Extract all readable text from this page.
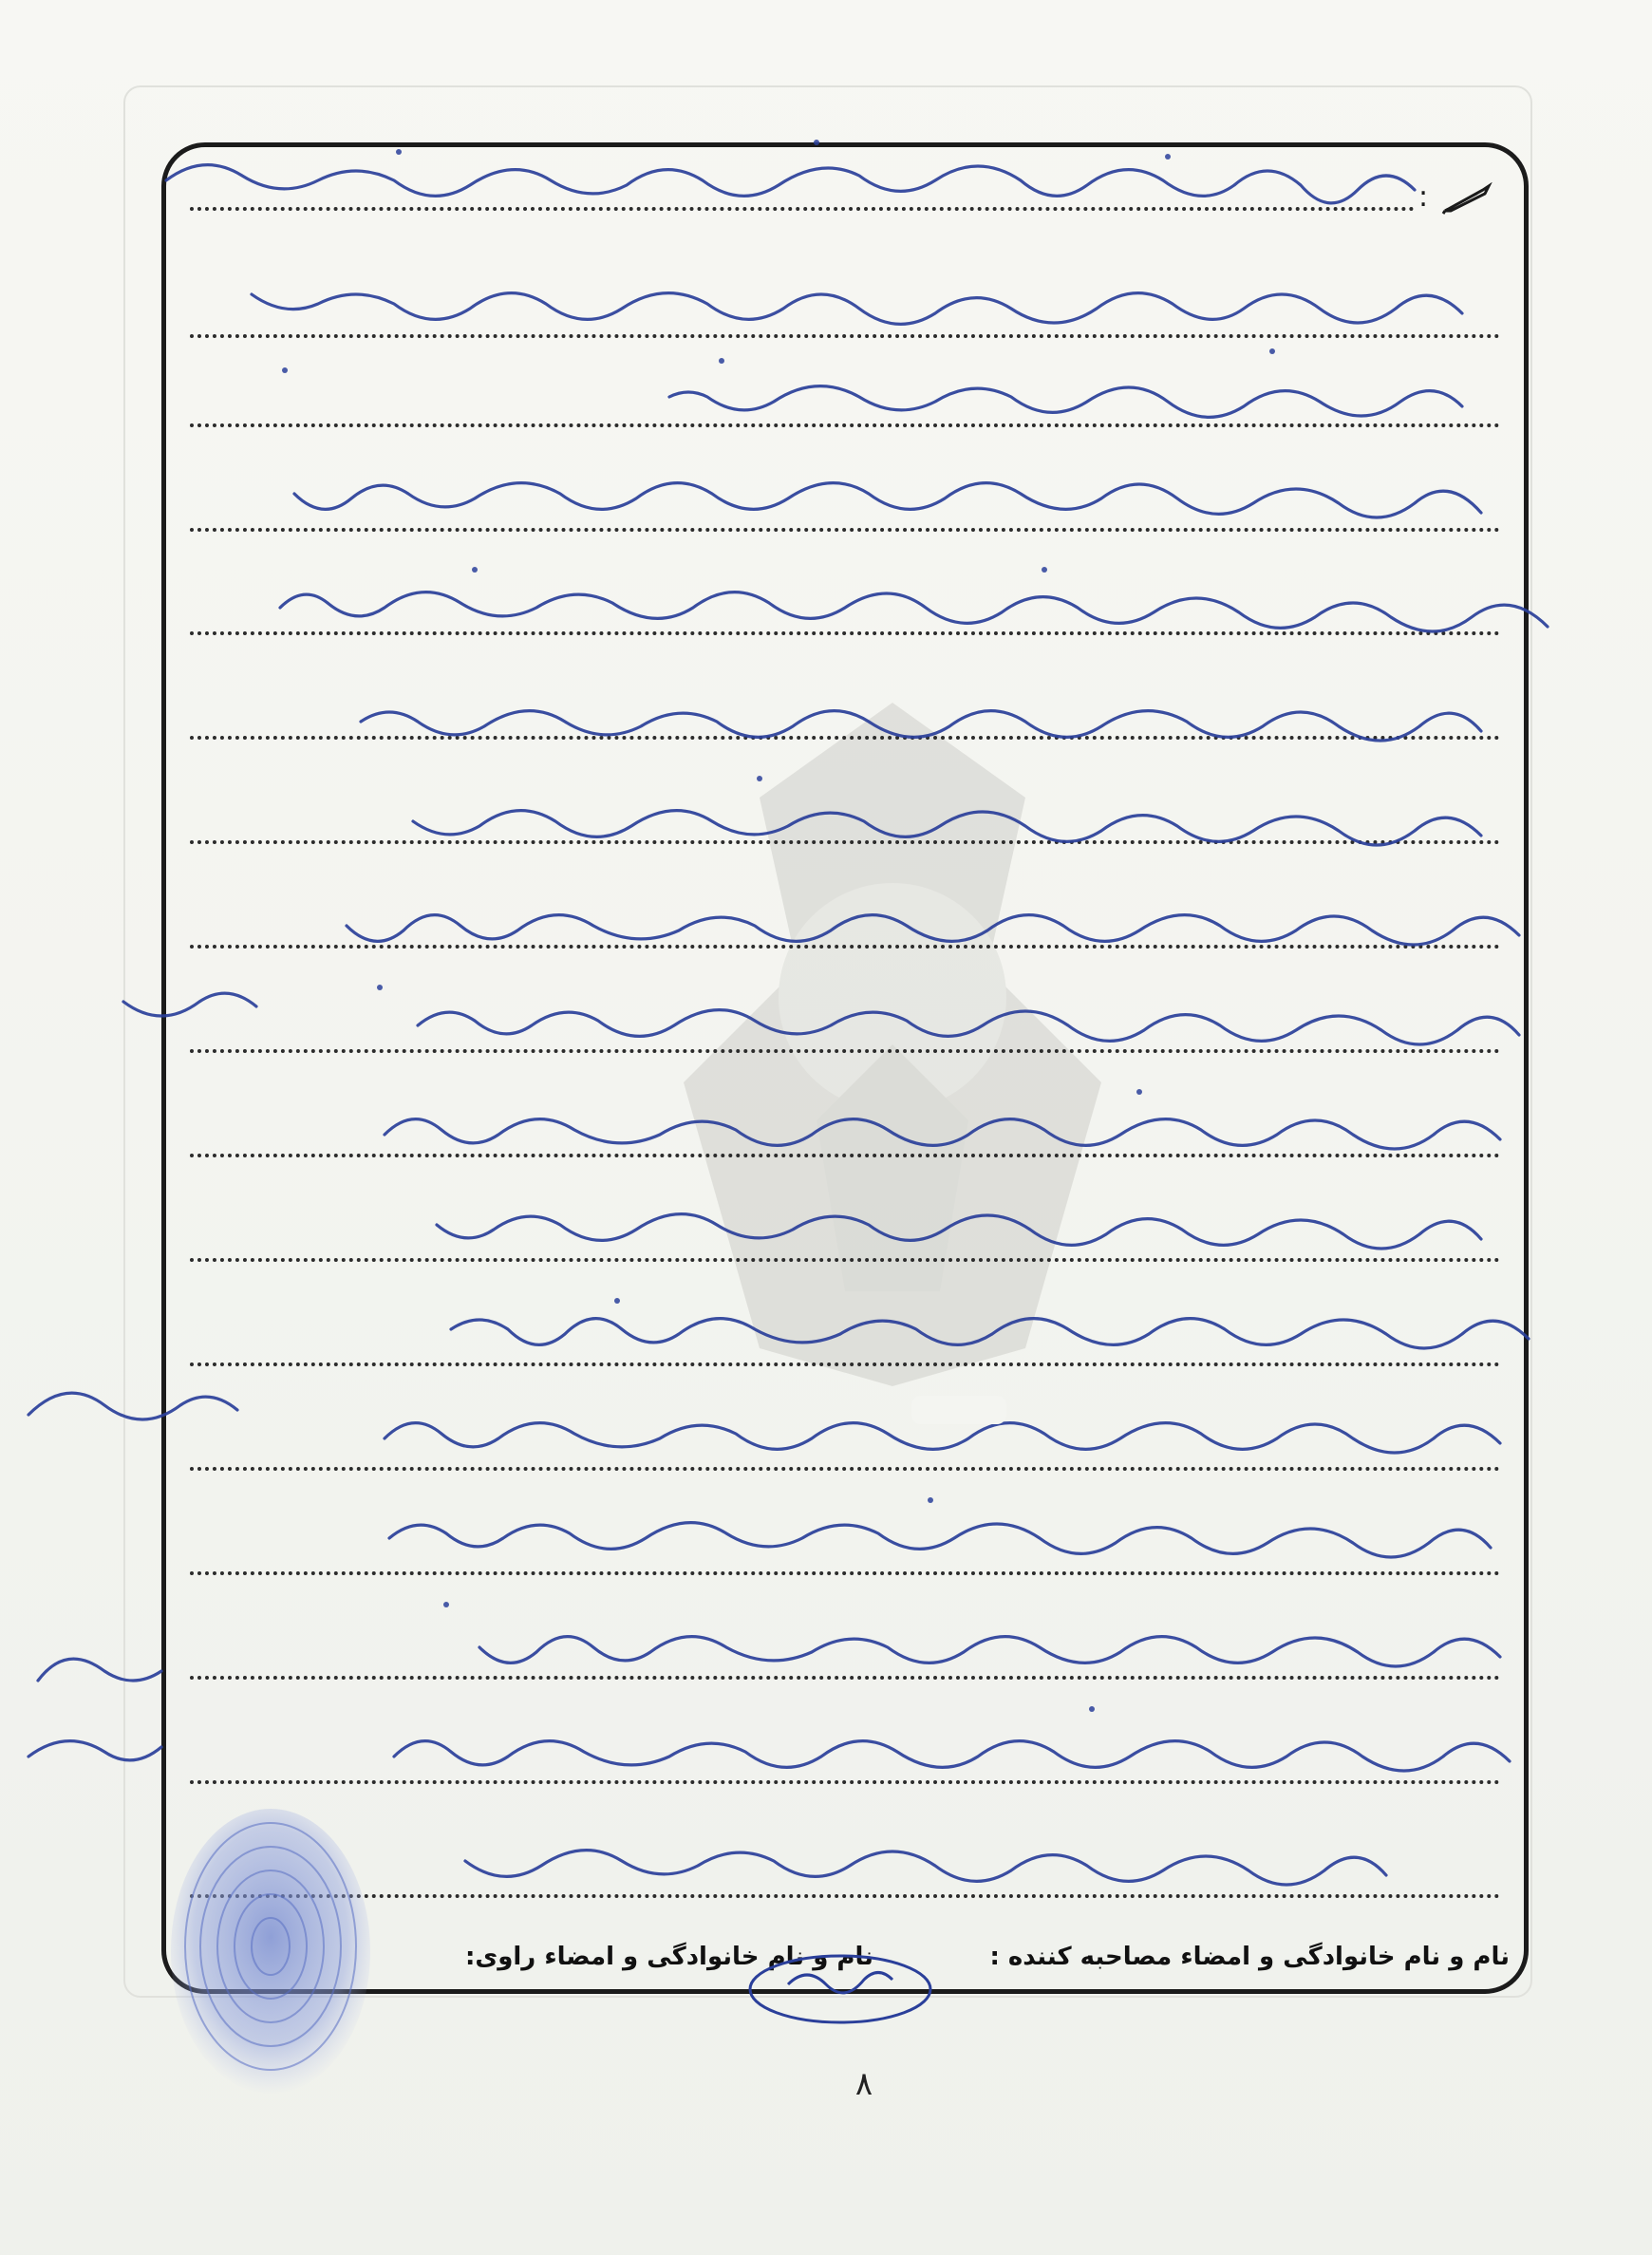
:
نام و نام خانوادگی و امضاء مصاحبه کننده :
نام و نام خانوادگی و امضاء راوی:
۸
